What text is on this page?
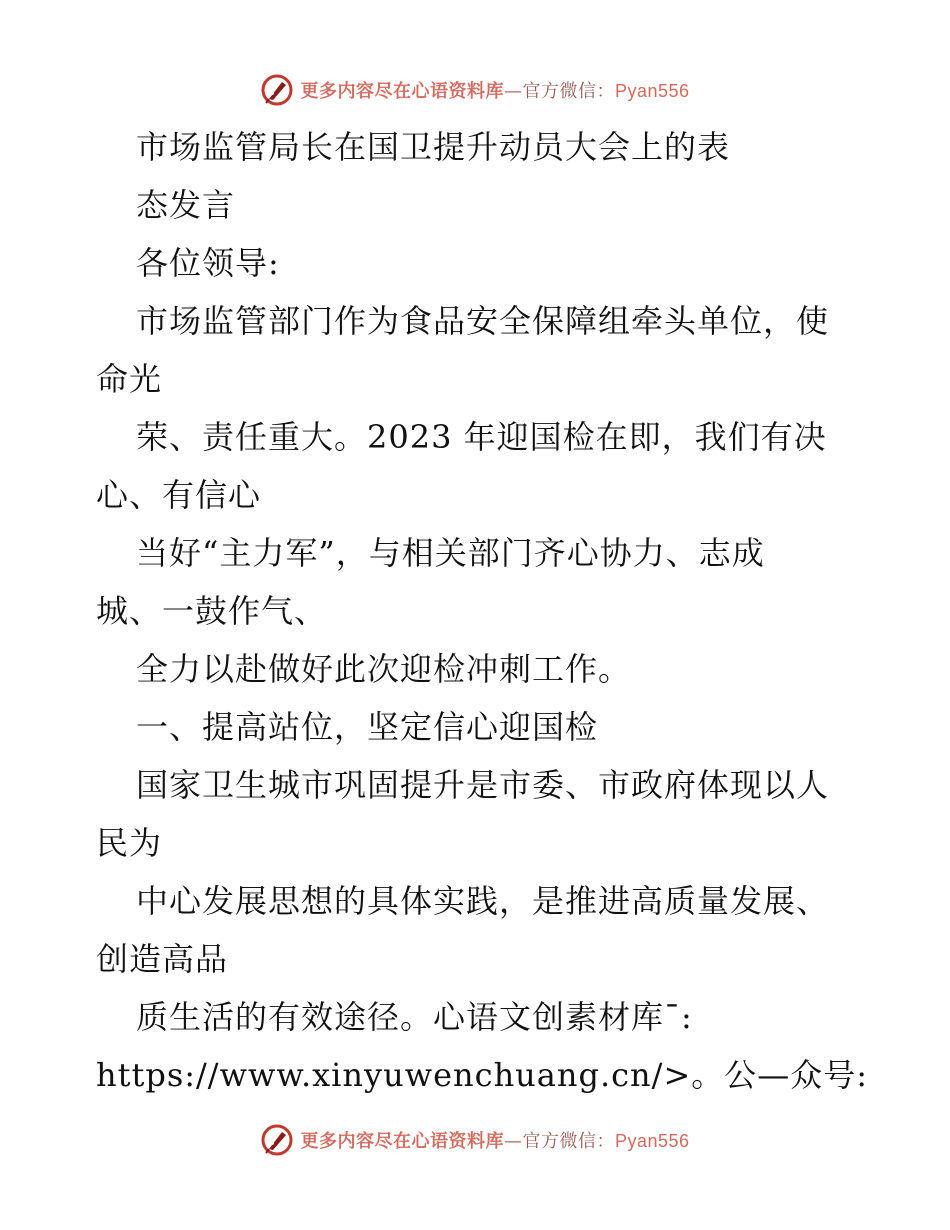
更多内容尽在心语资料库—官方微信：Pyan556
市场监管局长在国卫提升动员大会上的表
态发言
各位领导:
市场监管部门作为食品安全保障组牵头单位，使
命光
荣、责任重大。2023 年迎国检在即，我们有决
心、有信心
当好“主力军”，与相关部门齐心协力、志成
城、一鼓作气、
全力以赴做好此次迎检冲刺工作。
一、提高站位，坚定信心迎国检
国家卫生城市巩固提升是市委、市政府体现以人
民为
中心发展思想的具体实践，是推进高质量发展、
创造高品
质生活的有效途径。心语文创素材库¯:
https://www.xinyuwenchuang.cn/>。公—众号:
更多内容尽在心语资料库—官方微信：Pyan556
